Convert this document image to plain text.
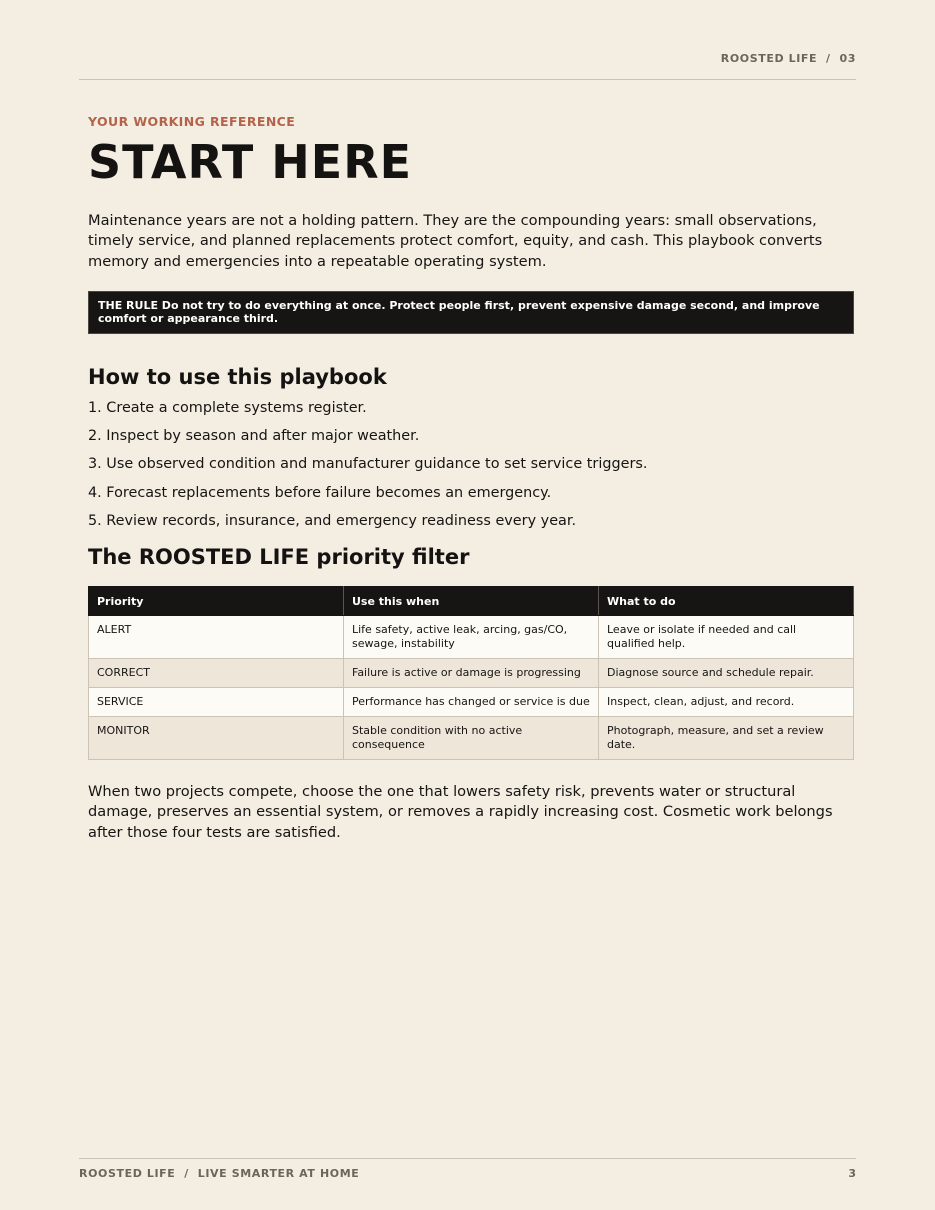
ROOSTED LIFE  /  03

YOUR WORKING REFERENCE

START HERE

Maintenance years are not a holding pattern. They are the compounding years: small observations, timely service, and planned replacements protect comfort, equity, and cash. This playbook converts memory and emergencies into a repeatable operating system.

THE RULE Do not try to do everything at once. Protect people first, prevent expensive damage second, and improve comfort or appearance third.
How to use this playbook
1. Create a complete systems register.
2. Inspect by season and after major weather.
3. Use observed condition and manufacturer guidance to set service triggers.
4. Forecast replacements before failure becomes an emergency.
5. Review records, insurance, and emergency readiness every year.
The ROOSTED LIFE priority filter
Priority	Use this when	What to do
ALERT	Life safety, active leak, arcing, gas/CO, sewage, instability	Leave or isolate if needed and call qualified help.
CORRECT	Failure is active or damage is progressing	Diagnose source and schedule repair.
SERVICE	Performance has changed or service is due	Inspect, clean, adjust, and record.
MONITOR	Stable condition with no active consequence	Photograph, measure, and set a review date.

When two projects compete, choose the one that lowers safety risk, prevents water or structural damage, preserves an essential system, or removes a rapidly increasing cost. Cosmetic work belongs after those four tests are satisfied.

ROOSTED LIFE  /  LIVE SMARTER AT HOME	3
